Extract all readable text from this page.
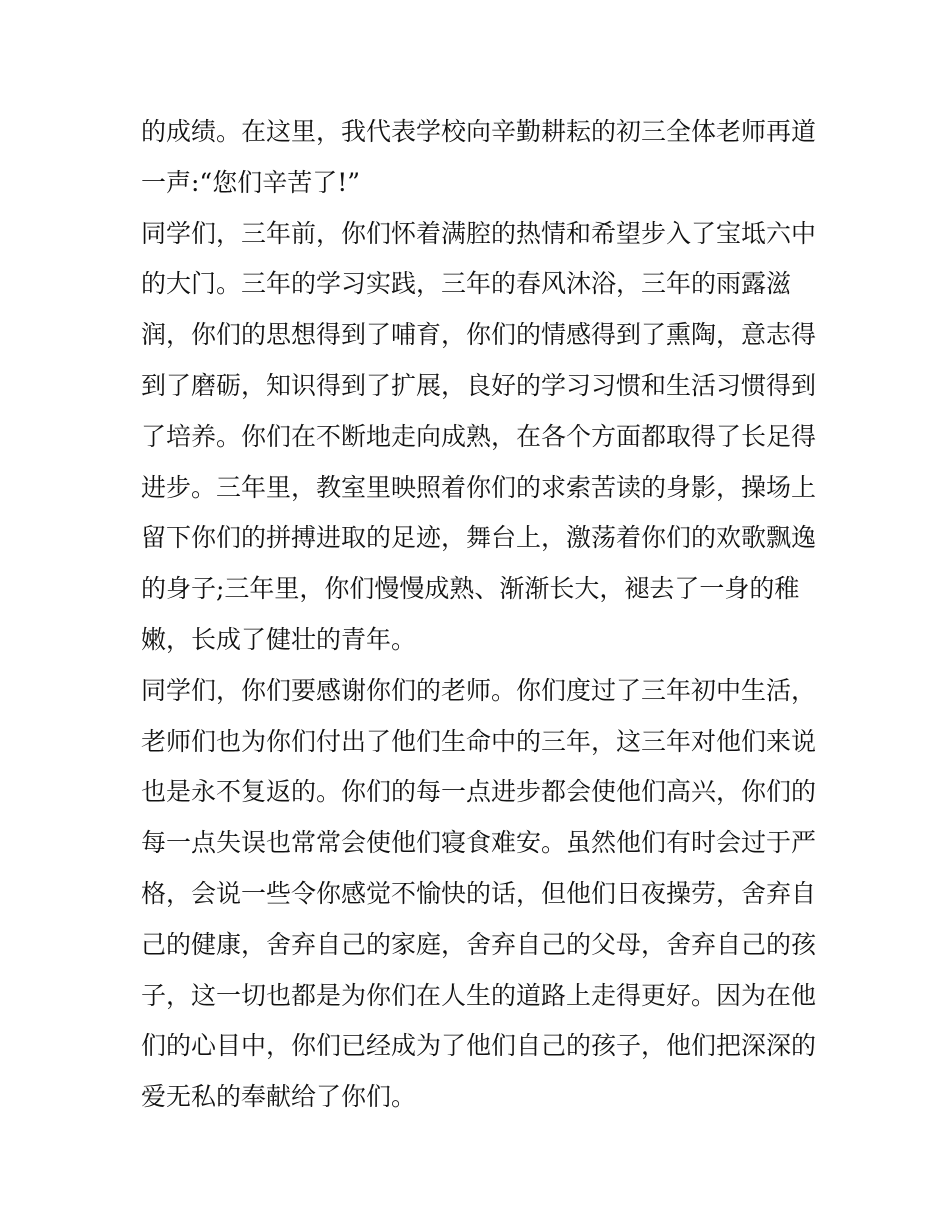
的成绩。在这里，我代表学校向辛勤耕耘的初三全体老师再道
一声:“您们辛苦了!”
同学们，三年前，你们怀着满腔的热情和希望步入了宝坻六中
的大门。三年的学习实践，三年的春风沐浴，三年的雨露滋
润，你们的思想得到了哺育，你们的情感得到了熏陶，意志得
到了磨砺，知识得到了扩展，良好的学习习惯和生活习惯得到
了培养。你们在不断地走向成熟，在各个方面都取得了长足得
进步。三年里，教室里映照着你们的求索苦读的身影，操场上
留下你们的拼搏进取的足迹，舞台上，激荡着你们的欢歌飘逸
的身子;三年里，你们慢慢成熟、渐渐长大，褪去了一身的稚
嫩，长成了健壮的青年。
同学们，你们要感谢你们的老师。你们度过了三年初中生活，
老师们也为你们付出了他们生命中的三年，这三年对他们来说
也是永不复返的。你们的每一点进步都会使他们高兴，你们的
每一点失误也常常会使他们寝食难安。虽然他们有时会过于严
格，会说一些令你感觉不愉快的话，但他们日夜操劳，舍弃自
己的健康，舍弃自己的家庭，舍弃自己的父母，舍弃自己的孩
子，这一切也都是为你们在人生的道路上走得更好。因为在他
们的心目中，你们已经成为了他们自己的孩子，他们把深深的
爱无私的奉献给了你们。
